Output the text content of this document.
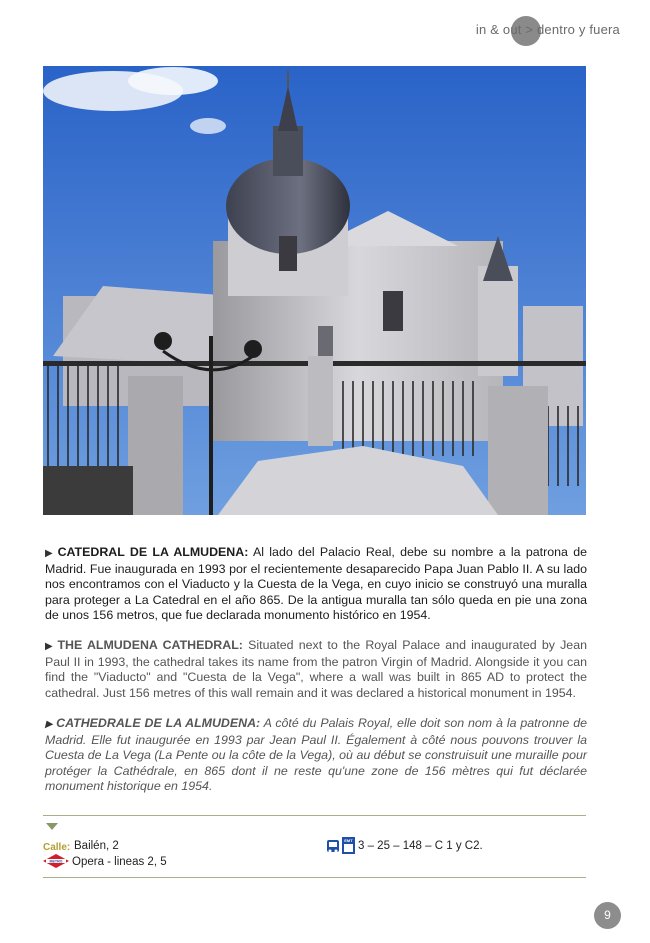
in & out > dentro y fuera

▶ CATEDRAL DE LA ALMUDENA: Al lado del Palacio Real, debe su nombre a la patrona de Madrid. Fue inaugurada en 1993 por el recientemente desaparecido Papa Juan Pablo II. A su lado nos encontramos con el Viaducto y la Cuesta de la Vega, en cuyo inicio se construyó una muralla para proteger a La Catedral en el año 865. De la antigua muralla tan sólo queda en pie una zona de unos 156 metros, que fue declarada monumento histórico en 1954.

▶ THE ALMUDENA CATHEDRAL: Situated next to the Royal Palace and inaugurated by Jean Paul II in 1993, the cathedral takes its name from the patron Virgin of Madrid. Alongside it you can find the "Viaducto" and "Cuesta de la Vega", where a wall was built in 865 AD to protect the cathedral. Just 156 metres of this wall remain and it was declared a historical monument in 1954.

▶ CATHEDRALE DE LA ALMUDENA: A côté du Palais Royal, elle doit son nom à la patronne de Madrid. Elle fut inaugurée en 1993 par Jean Paul II. Également à côté nous pouvons trouver la Cuesta de La Vega (La Pente ou la côte de la Vega), où au début se construisuit une muraille pour protéger la Cathédrale, en 865 dont il ne reste qu'une zone de 156 mètres qui fut déclarée monument historique en 1954.

Calle: Bailén, 2
METRO Opera - lineas 2, 5
EMT 3 – 25 – 148 – C 1 y C2.
9
